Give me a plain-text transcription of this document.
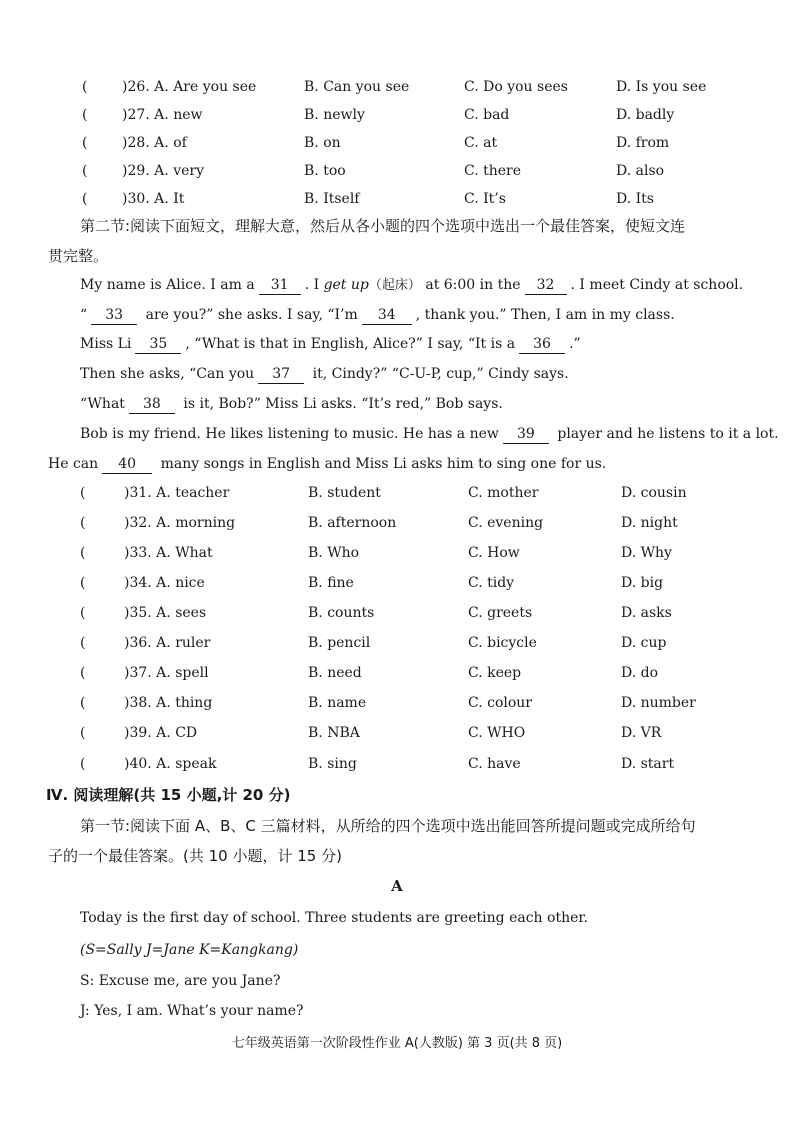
( )26. A. Are you see	B. Can you see	C. Do you sees	D. Is you see
( )27. A. new	B. newly	C. bad	D. badly
( )28. A. of	B. on	C. at	D. from
( )29. A. very	B. too	C. there	D. also
( )30. A. It	B. Itself	C. It’s	D. Its
第二节:阅读下面短文，理解大意，然后从各小题的四个选项中选出一个最佳答案，使短文连
贯完整。
My name is Alice. I am a 31 . I get up（起床） at 6:00 in the 32 . I meet Cindy at school.
“ 33 are you?” she asks. I say, “I’m 34 , thank you.” Then, I am in my class.
Miss Li 35 , “What is that in English, Alice?” I say, “It is a 36 .”
Then she asks, “Can you 37 it, Cindy?” “C-U-P, cup,” Cindy says.
“What 38 is it, Bob?” Miss Li asks. “It’s red,” Bob says.
Bob is my friend. He likes listening to music. He has a new 39 player and he listens to it a lot.
He can 40 many songs in English and Miss Li asks him to sing one for us.
(	)31. A. teacher	B. student	C. mother	D. cousin
(	)32. A. morning	B. afternoon	C. evening	D. night
(	)33. A. What	B. Who	C. How	D. Why
(	)34. A. nice	B. fine	C. tidy	D. big
(	)35. A. sees	B. counts	C. greets	D. asks
(	)36. A. ruler	B. pencil	C. bicycle	D. cup
(	)37. A. spell	B. need	C. keep	D. do
(	)38. A. thing	B. name	C. colour	D. number
(	)39. A. CD	B. NBA	C. WHO	D. VR
(	)40. A. speak	B. sing	C. have	D. start
Ⅳ. 阅读理解(共 15 小题,计 20 分)
第一节:阅读下面 A、B、C 三篇材料，从所给的四个选项中选出能回答所提问题或完成所给句
子的一个最佳答案。(共 10 小题，计 15 分)
A
Today is the first day of school. Three students are greeting each other.
(S=Sally J=Jane K=Kangkang)
S: Excuse me, are you Jane?
J: Yes, I am. What’s your name?
七年级英语第一次阶段性作业 A(人教版) 第 3 页(共 8 页)
